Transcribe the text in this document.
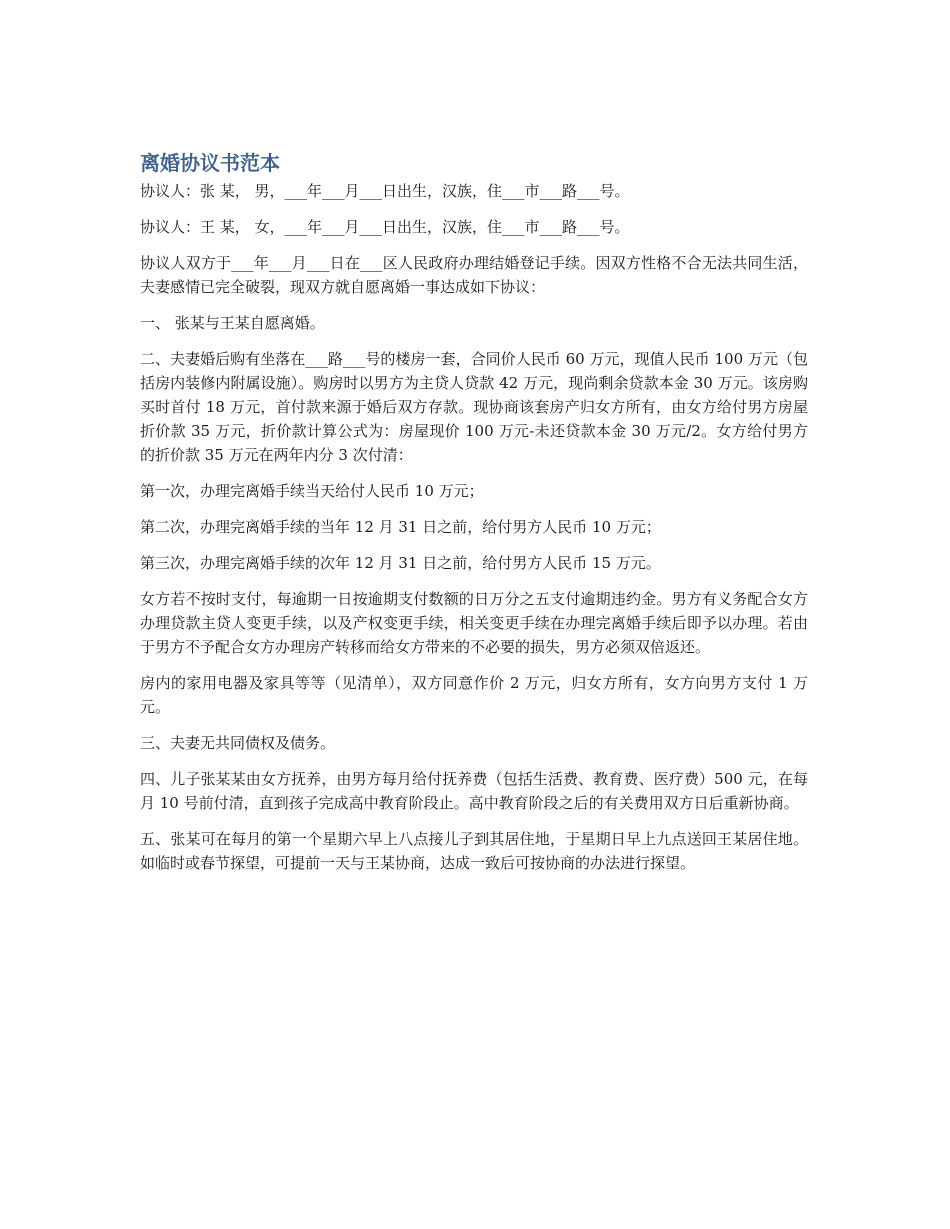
离婚协议书范本

协议人：张 某， 男，___年___月___日出生，汉族，住___市___路___号。

协议人：王 某， 女，___年___月___日出生，汉族，住___市___路___号。

协议人双方于___年___月___日在___区人民政府办理结婚登记手续。因双方性格不合无法共同生活，夫妻感情已完全破裂，现双方就自愿离婚一事达成如下协议：

一、 张某与王某自愿离婚。

二、夫妻婚后购有坐落在___路___号的楼房一套，合同价人民币 60 万元，现值人民币 100 万元（包括房内装修内附属设施）。购房时以男方为主贷人贷款 42 万元，现尚剩余贷款本金 30 万元。该房购买时首付 18 万元，首付款来源于婚后双方存款。现协商该套房产归女方所有，由女方给付男方房屋折价款 35 万元，折价款计算公式为：房屋现价 100 万元-未还贷款本金 30 万元/2。女方给付男方的折价款 35 万元在两年内分 3 次付清：

第一次，办理完离婚手续当天给付人民币 10 万元；

第二次，办理完离婚手续的当年 12 月 31 日之前，给付男方人民币 10 万元；

第三次，办理完离婚手续的次年 12 月 31 日之前，给付男方人民币 15 万元。

女方若不按时支付，每逾期一日按逾期支付数额的日万分之五支付逾期违约金。男方有义务配合女方办理贷款主贷人变更手续，以及产权变更手续，相关变更手续在办理完离婚手续后即予以办理。若由于男方不予配合女方办理房产转移而给女方带来的不必要的损失，男方必须双倍返还。

房内的家用电器及家具等等（见清单），双方同意作价 2 万元，归女方所有，女方向男方支付 1 万元。

三、夫妻无共同债权及债务。

四、儿子张某某由女方抚养，由男方每月给付抚养费（包括生活费、教育费、医疗费）500 元，在每月 10 号前付清，直到孩子完成高中教育阶段止。高中教育阶段之后的有关费用双方日后重新协商。

五、张某可在每月的第一个星期六早上八点接儿子到其居住地，于星期日早上九点送回王某居住地。如临时或春节探望，可提前一天与王某协商，达成一致后可按协商的办法进行探望。
